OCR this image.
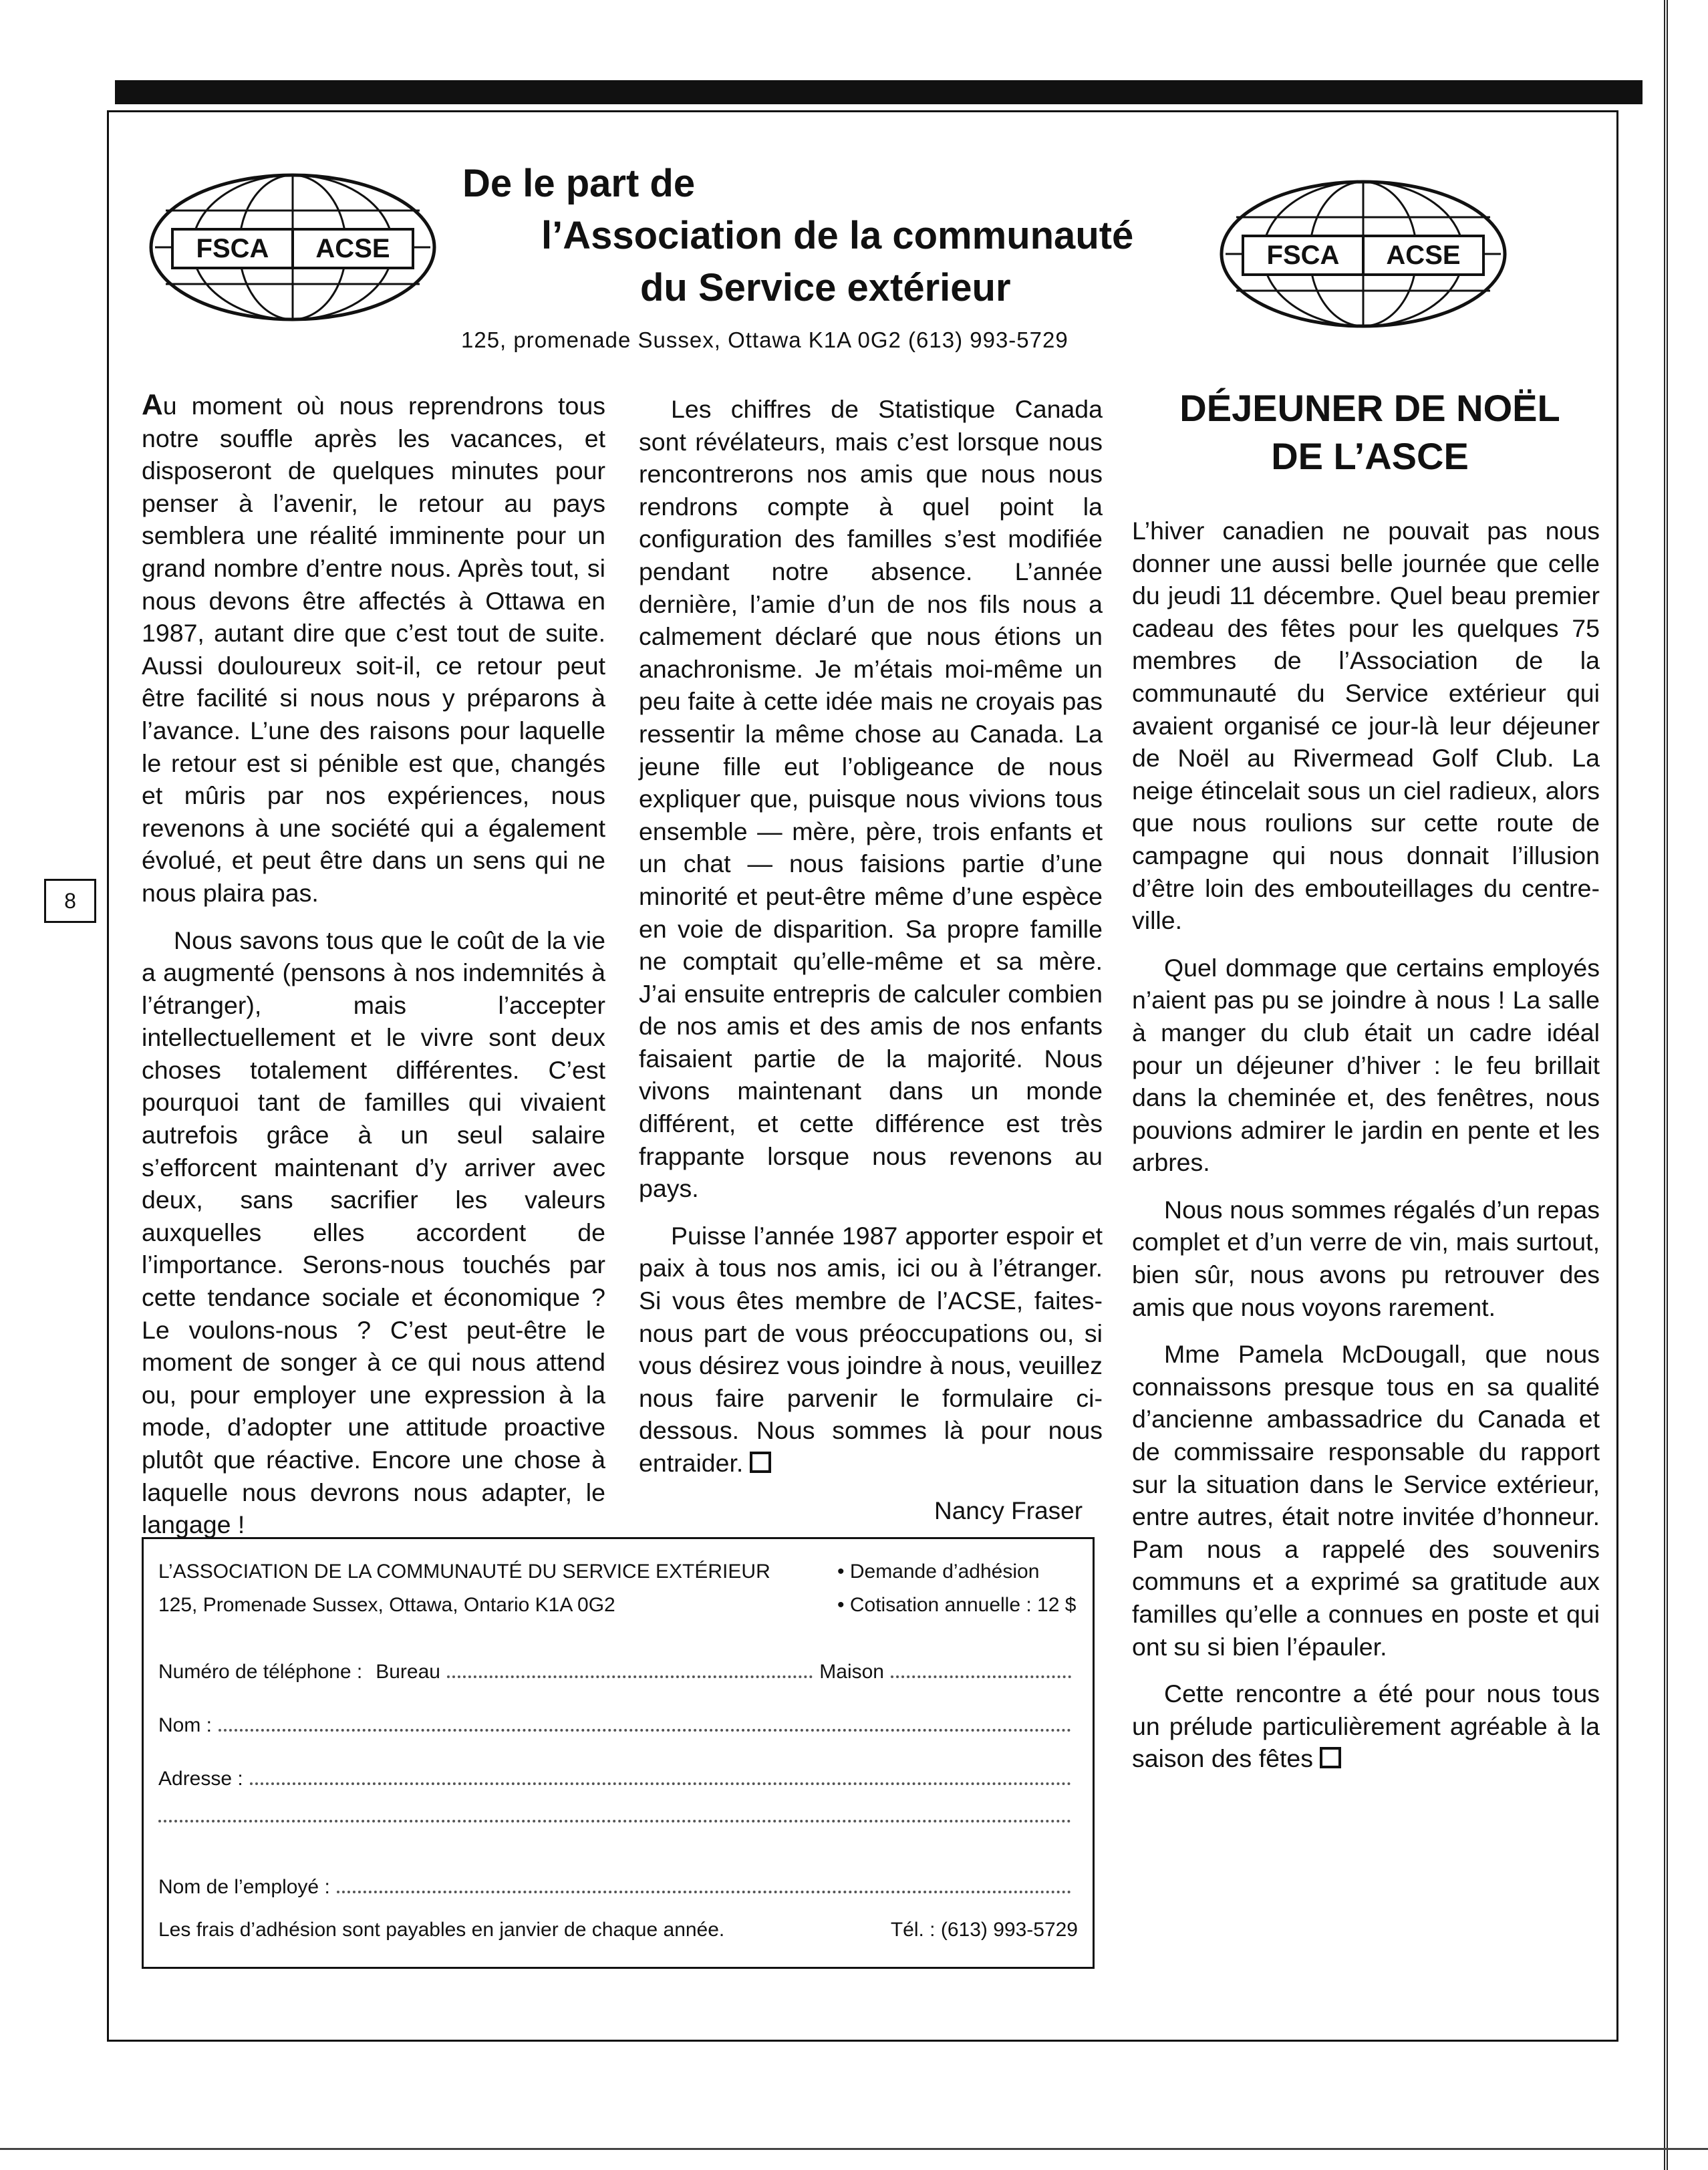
8
FSCA ACSE	FSCA ACSE
De le part de
l’Association de la communauté
du Service extérieur
125, promenade Sussex, Ottawa K1A 0G2 (613) 993-5729

Au moment où nous reprendrons tous notre souffle après les vacances, et disposeront de quelques minutes pour penser à l’avenir, le retour au pays semblera une réalité imminente pour un grand nombre d’entre nous. Après tout, si nous devons être affectés à Ottawa en 1987, autant dire que c’est tout de suite. Aussi douloureux soit-il, ce retour peut être facilité si nous nous y préparons à l’avance. L’une des raisons pour laquelle le retour est si pénible est que, changés et mûris par nos expériences, nous revenons à une société qui a également évolué, et peut être dans un sens qui ne nous plaira pas.

Nous savons tous que le coût de la vie a augmenté (pensons à nos indemnités à l’étranger), mais l’accepter intellectuellement et le vivre sont deux choses totalement différentes. C’est pourquoi tant de familles qui vivaient autrefois grâce à un seul salaire s’efforcent maintenant d’y arriver avec deux, sans sacrifier les valeurs auxquelles elles accordent de l’importance. Serons-nous touchés par cette tendance sociale et économique ? Le voulons-nous ? C’est peut-être le moment de songer à ce qui nous attend ou, pour employer une expression à la mode, d’adopter une attitude proactive plutôt que réactive. Encore une chose à laquelle nous devrons nous adapter, le langage !

Les chiffres de Statistique Canada sont révélateurs, mais c’est lorsque nous rencontrerons nos amis que nous nous rendrons compte à quel point la configuration des familles s’est modifiée pendant notre absence. L’année dernière, l’amie d’un de nos fils nous a calmement déclaré que nous étions un anachronisme. Je m’étais moi-même un peu faite à cette idée mais ne croyais pas ressentir la même chose au Canada. La jeune fille eut l’obligeance de nous expliquer que, puisque nous vivions tous ensemble — mère, père, trois enfants et un chat — nous faisions partie d’une minorité et peut-être même d’une espèce en voie de disparition. Sa propre famille ne comptait qu’elle-même et sa mère. J’ai ensuite entrepris de calculer combien de nos amis et des amis de nos enfants faisaient partie de la majorité. Nous vivons maintenant dans un monde différent, et cette différence est très frappante lorsque nous revenons au pays.

Puisse l’année 1987 apporter espoir et paix à tous nos amis, ici ou à l’étranger. Si vous êtes membre de l’ACSE, faites-nous part de vous préoccupations ou, si vous désirez vous joindre à nous, veuillez nous faire parvenir le formulaire ci-dessous. Nous sommes là pour nous entraider.

Nancy Fraser
DÉJEUNER DE NOËL
DE L’ASCE

L’hiver canadien ne pouvait pas nous donner une aussi belle journée que celle du jeudi 11 décembre. Quel beau premier cadeau des fêtes pour les quelques 75 membres de l’Association de la communauté du Service extérieur qui avaient organisé ce jour-là leur déjeuner de Noël au Rivermead Golf Club. La neige étincelait sous un ciel radieux, alors que nous roulions sur cette route de campagne qui nous donnait l’illusion d’être loin des embouteillages du centre-ville.

Quel dommage que certains employés n’aient pas pu se joindre à nous ! La salle à manger du club était un cadre idéal pour un déjeuner d’hiver : le feu brillait dans la cheminée et, des fenêtres, nous pouvions admirer le jardin en pente et les arbres.

Nous nous sommes régalés d’un repas complet et d’un verre de vin, mais surtout, bien sûr, nous avons pu retrouver des amis que nous voyons rarement.

Mme Pamela McDougall, que nous connaissons presque tous en sa qualité d’ancienne ambassadrice du Canada et de commissaire responsable du rapport sur la situation dans le Service extérieur, entre autres, était notre invitée d’honneur. Pam nous a rappelé des souvenirs communs et a exprimé sa gratitude aux familles qu’elle a connues en poste et qui ont su si bien l’épauler.

Cette rencontre a été pour nous tous un prélude particulièrement agréable à la saison des fêtes

L’ASSOCIATION DE LA COMMUNAUTÉ DU SERVICE EXTÉRIEUR	• Demande d’adhésion
125, Promenade Sussex, Ottawa, Ontario K1A 0G2	• Cotisation annuelle : 12 $
Numéro de téléphone : Bureau	Maison
Nom :
Adresse :
Nom de l’employé :
Les frais d’adhésion sont payables en janvier de chaque année.	Tél. : (613) 993-5729
